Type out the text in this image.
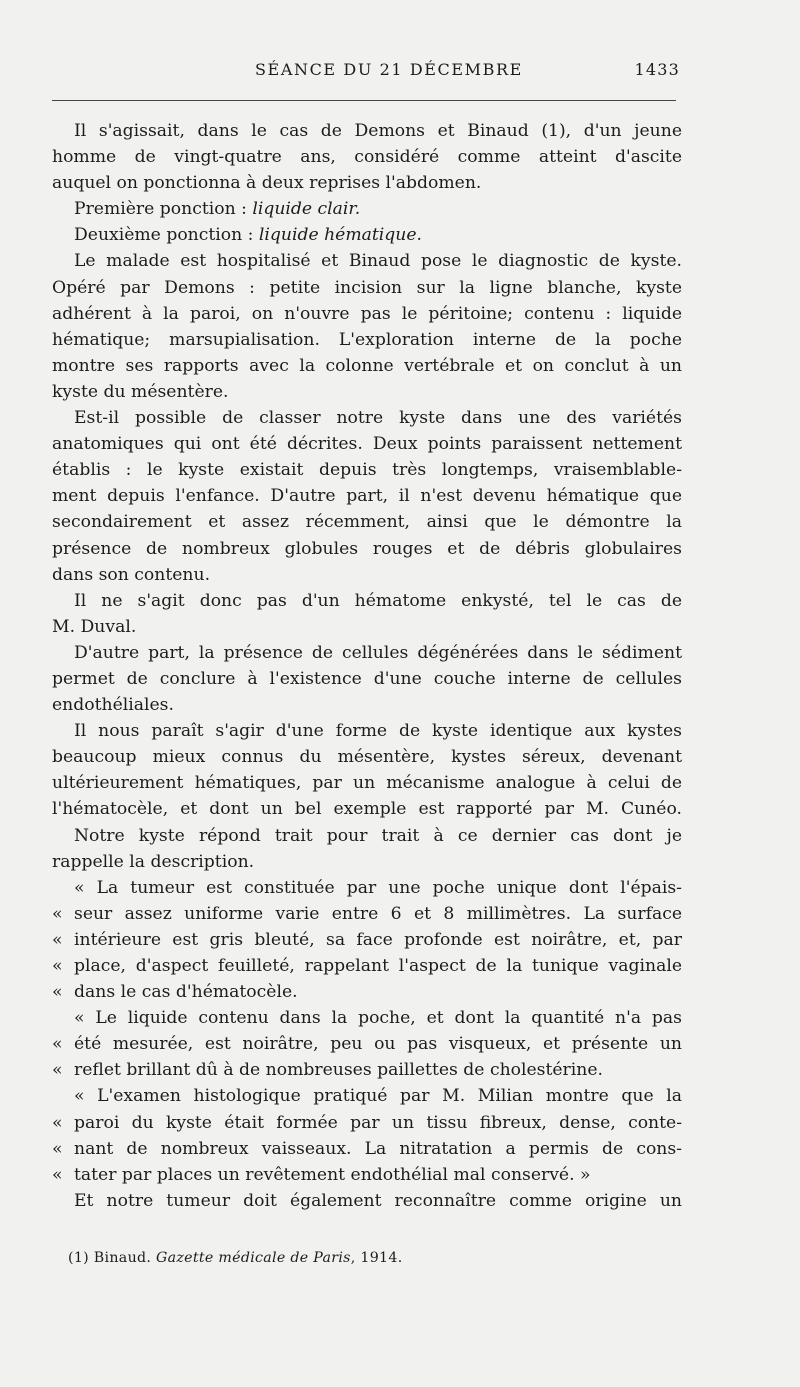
SÉANCE DU 21 DÉCEMBRE	1433
Il s'agissait, dans le cas de Demons et Binaud (1), d'un jeune
homme de vingt-quatre ans, considéré comme atteint d'ascite
auquel on ponctionna à deux reprises l'abdomen.
Première ponction : liquide clair.
Deuxième ponction : liquide hématique.
Le malade est hospitalisé et Binaud pose le diagnostic de kyste.
Opéré par Demons : petite incision sur la ligne blanche, kyste
adhérent à la paroi, on n'ouvre pas le péritoine; contenu : liquide
hématique; marsupialisation. L'exploration interne de la poche
montre ses rapports avec la colonne vertébrale et on conclut à un
kyste du mésentère.
Est-il possible de classer notre kyste dans une des variétés
anatomiques qui ont été décrites. Deux points paraissent nettement
établis : le kyste existait depuis très longtemps, vraisemblable-
ment depuis l'enfance. D'autre part, il n'est devenu hématique que
secondairement et assez récemment, ainsi que le démontre la
présence de nombreux globules rouges et de débris globulaires
dans son contenu.
Il ne s'agit donc pas d'un hématome enkysté, tel le cas de
M. Duval.
D'autre part, la présence de cellules dégénérées dans le sédiment
permet de conclure à l'existence d'une couche interne de cellules
endothéliales.
Il nous paraît s'agir d'une forme de kyste identique aux kystes
beaucoup mieux connus du mésentère, kystes séreux, devenant
ultérieurement hématiques, par un mécanisme analogue à celui de
l'hématocèle, et dont un bel exemple est rapporté par M. Cunéo.
Notre kyste répond trait pour trait à ce dernier cas dont je
rappelle la description.
« La tumeur est constituée par une poche unique dont l'épais-
« seur assez uniforme varie entre 6 et 8 millimètres. La surface
« intérieure est gris bleuté, sa face profonde est noirâtre, et, par
« place, d'aspect feuilleté, rappelant l'aspect de la tunique vaginale
« dans le cas d'hématocèle.
« Le liquide contenu dans la poche, et dont la quantité n'a pas
« été mesurée, est noirâtre, peu ou pas visqueux, et présente un
« reflet brillant dû à de nombreuses paillettes de cholestérine.
« L'examen histologique pratiqué par M. Milian montre que la
« paroi du kyste était formée par un tissu fibreux, dense, conte-
« nant de nombreux vaisseaux. La nitratation a permis de cons-
« tater par places un revêtement endothélial mal conservé. »
Et notre tumeur doit également reconnaître comme origine un
(1) Binaud. Gazette médicale de Paris, 1914.
